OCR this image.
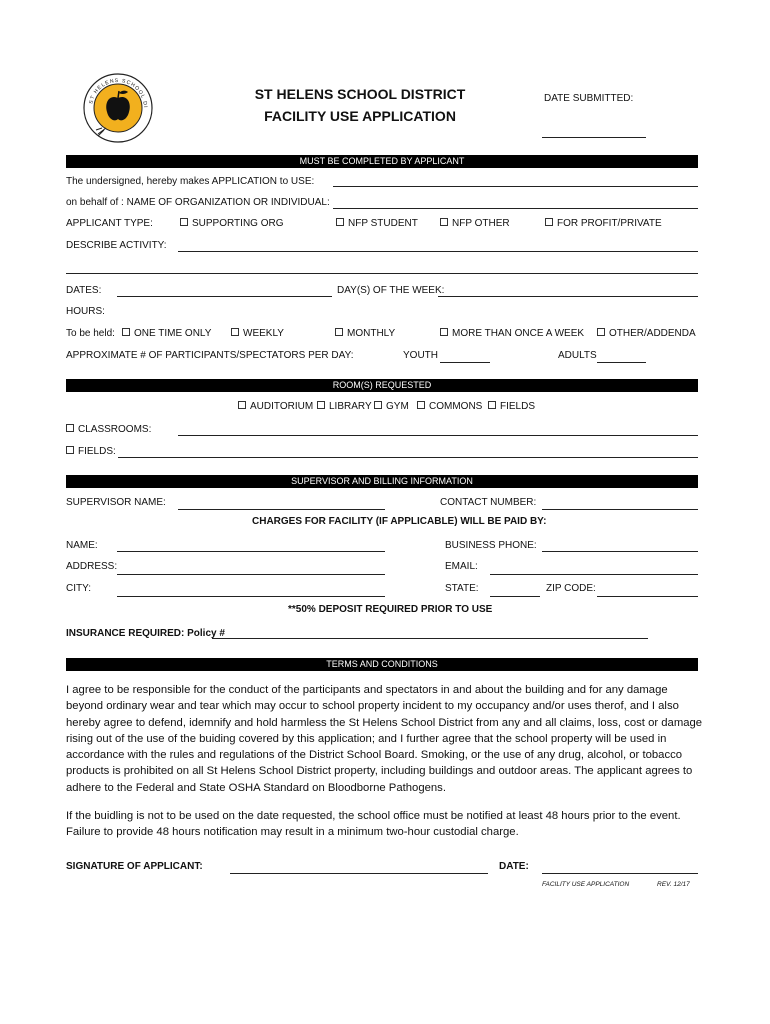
ST HELENS SCHOOL DI
ST HELENS SCHOOL DISTRICT
FACILITY USE APPLICATION
DATE SUBMITTED:
MUST BE COMPLETED BY APPLICANT
The undersigned, hereby makes APPLICATION to USE:
on behalf of : NAME OF ORGANIZATION OR INDIVIDUAL:
APPLICANT TYPE:	SUPPORTING ORG	NFP STUDENT	NFP OTHER	FOR PROFIT/PRIVATE
DESCRIBE ACTIVITY:
DATES:	DAY(S) OF THE WEEK:
HOURS:
To be held:	ONE TIME ONLY	WEEKLY	MONTHLY	MORE THAN ONCE A WEEK	OTHER/ADDENDA
APPROXIMATE # OF PARTICIPANTS/SPECTATORS PER DAY:	YOUTH	ADULTS
ROOM(S) REQUESTED
AUDITORIUM	LIBRARY	GYM	COMMONS	FIELDS
CLASSROOMS:
FIELDS:
SUPERVISOR AND BILLING INFORMATION
SUPERVISOR NAME:	CONTACT NUMBER:
CHARGES FOR FACILITY (IF APPLICABLE) WILL BE PAID BY:
NAME:	BUSINESS PHONE:
ADDRESS:	EMAIL:
CITY:	STATE:	ZIP CODE:
**50% DEPOSIT REQUIRED PRIOR TO USE
INSURANCE REQUIRED: Policy #
TERMS AND CONDITIONS
I agree to be responsible for the conduct of the participants and spectators in and about the building and for any damage beyond ordinary wear and tear which may occur to school property incident to my occupancy and/or uses therof, and I also hereby agree to defend, idemnify and hold harmless the St Helens School District from any and all claims, loss, cost or damage rising out of the use of the buiding covered by this application; and I further agree that the school property will be used in accordance with the rules and regulations of the District School Board. Smoking, or the use of any drug, alcohol, or tobacco products is prohibited on all St Helens School District property, including buildings and outdoor areas. The applicant agrees to adhere to the Federal and State OSHA Standard on Bloodborne Pathogens.
If the buidling is not to be used on the date requested, the school office must be notified at least 48 hours prior to the event. Failure to provide 48 hours notification may result in a minimum two-hour custodial charge.
SIGNATURE OF APPLICANT:	DATE:
FACILITY USE APPLICATION	REV. 12/17
